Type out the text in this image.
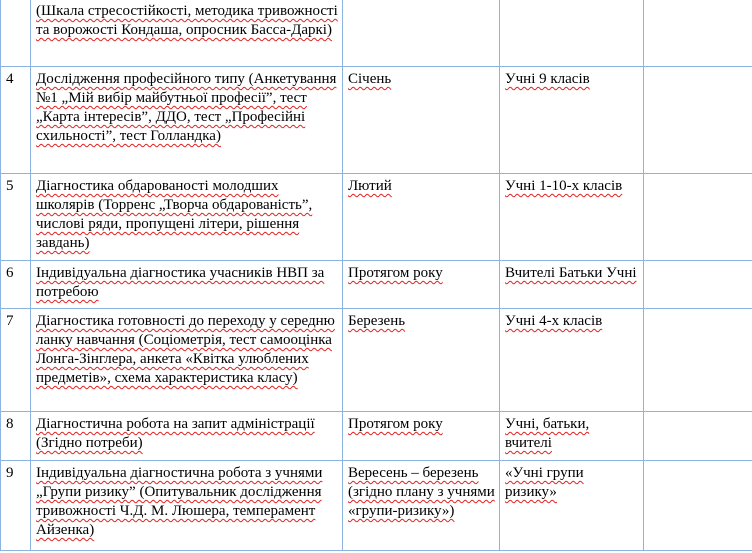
	(Шкала стресостійкості, методика тривожності та ворожості Кондаша, опросник Басса-Даркі)			
4	Дослідження професійного типу (Анкетування №1 „Мій вибір майбутньої професії”, тест „Карта інтересів”, ДДО, тест „Професійні схильності”, тест Голландка)	Січень	Учні 9 класів	
5	Діагностика обдарованості молодших школярів (Торренс „Творча обдарованість”, числові ряди, пропущені літери, рішення завдань)	Лютий	Учні 1-10-х класів	
6	Індивідуальна діагностика учасників НВП за потребою	Протягом року	Вчителі Батьки Учні	
7	Діагностика готовності до переходу у середню ланку навчання (Соціометрія, тест самооцінка Лонга-Зінглера, анкета «Квітка улюблених предметів», схема характеристика класу)	Березень	Учні 4-х класів	
8	Діагностична робота на запит адміністрації (Згідно потреби)	Протягом року	Учні, батьки, вчителі	
9	Індивідуальна діагностична робота з учнями „Групи ризику” (Опитувальник дослідження тривожності Ч.Д. М. Люшера, темперамент Айзенка)	Вересень – березень (згідно плану з учнями «групи-ризику»)	«Учні групи ризику»	
